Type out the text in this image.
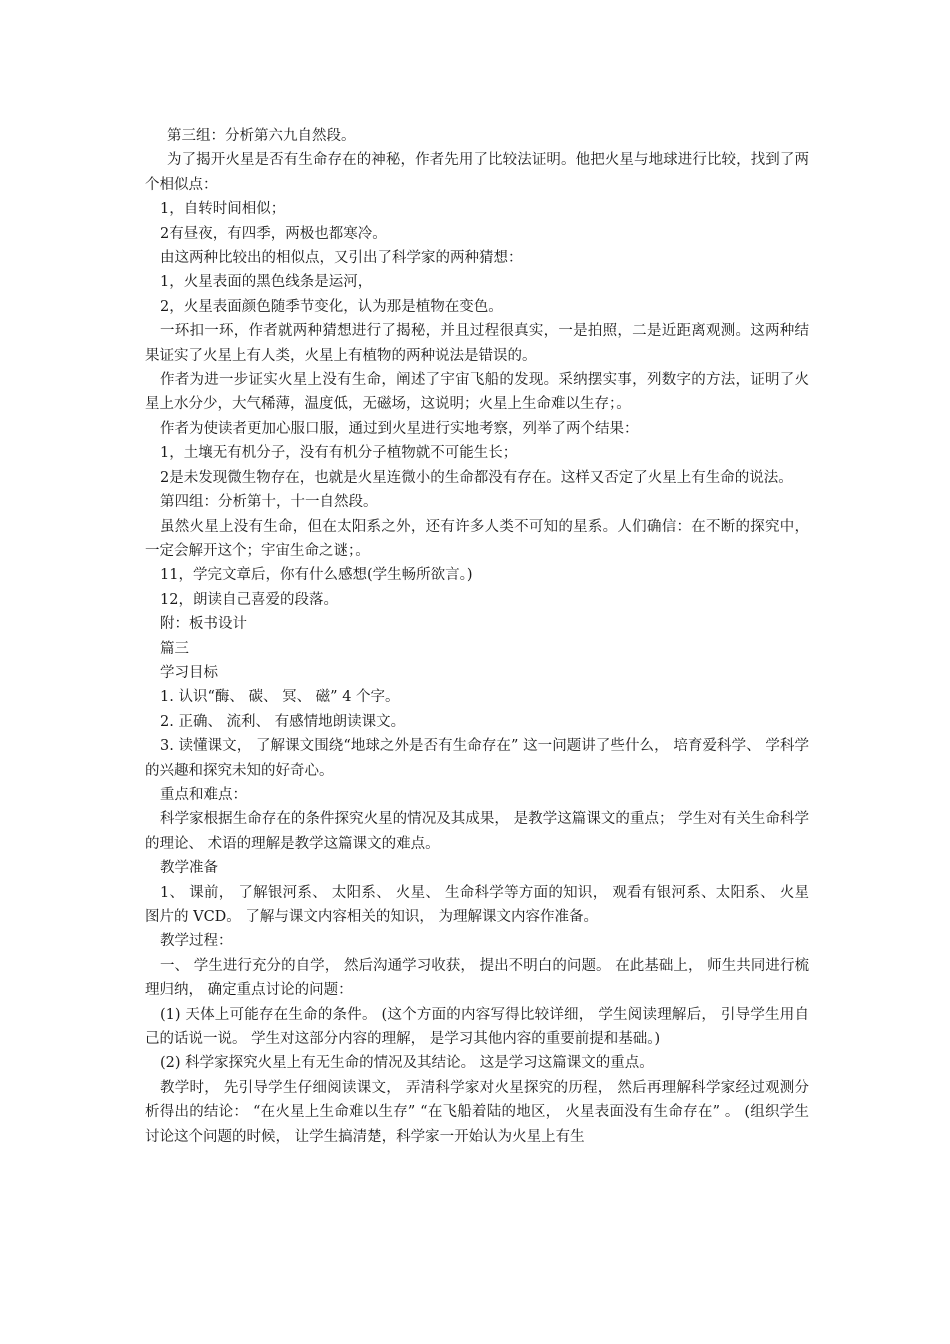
第三组：分析第六九自然段。

为了揭开火星是否有生命存在的神秘，作者先用了比较法证明。他把火星与地球进行比较，找到了两个相似点：

1，自转时间相似；

2有昼夜，有四季，两极也都寒冷。

由这两种比较出的相似点，又引出了科学家的两种猜想：

1，火星表面的黑色线条是运河，

2，火星表面颜色随季节变化，认为那是植物在变色。

一环扣一环，作者就两种猜想进行了揭秘，并且过程很真实，一是拍照，二是近距离观测。这两种结果证实了火星上有人类，火星上有植物的两种说法是错误的。

作者为进一步证实火星上没有生命，阐述了宇宙飞船的发现。采纳摆实事，列数字的方法，证明了火星上水分少，大气稀薄，温度低，无磁场，这说明；火星上生命难以生存；。

作者为使读者更加心服口服，通过到火星进行实地考察，列举了两个结果：

1，土壤无有机分子，没有有机分子植物就不可能生长；

2是未发现微生物存在，也就是火星连微小的生命都没有存在。这样又否定了火星上有生命的说法。

第四组：分析第十，十一自然段。

虽然火星上没有生命，但在太阳系之外，还有许多人类不可知的星系。人们确信：在不断的探究中，一定会解开这个；宇宙生命之谜；。

11，学完文章后，你有什么感想(学生畅所欲言。)

12，朗读自己喜爱的段落。

附：板书设计

篇三

学习目标

1. 认识“酶、 碳、 冥、 磁” 4 个字。

2. 正确、 流利、 有感情地朗读课文。

3. 读懂课文， 了解课文围绕“地球之外是否有生命存在” 这一问题讲了些什么， 培育爱科学、 学科学的兴趣和探究未知的好奇心。

重点和难点：

科学家根据生命存在的条件探究火星的情况及其成果， 是教学这篇课文的重点； 学生对有关生命科学的理论、 术语的理解是教学这篇课文的难点。

教学准备

1、 课前， 了解银河系、 太阳系、 火星、 生命科学等方面的知识， 观看有银河系、太阳系、 火星图片的 VCD。 了解与课文内容相关的知识， 为理解课文内容作准备。

教学过程：

一、 学生进行充分的自学， 然后沟通学习收获， 提出不明白的问题。 在此基础上， 师生共同进行梳理归纳， 确定重点讨论的问题：

(1) 天体上可能存在生命的条件。 (这个方面的内容写得比较详细， 学生阅读理解后， 引导学生用自己的话说一说。 学生对这部分内容的理解， 是学习其他内容的重要前提和基础。)

(2) 科学家探究火星上有无生命的情况及其结论。 这是学习这篇课文的重点。

教学时， 先引导学生仔细阅读课文， 弄清科学家对火星探究的历程， 然后再理解科学家经过观测分析得出的结论： “在火星上生命难以生存” “在飞船着陆的地区， 火星表面没有生命存在” 。 (组织学生讨论这个问题的时候， 让学生搞清楚，科学家一开始认为火星上有生
